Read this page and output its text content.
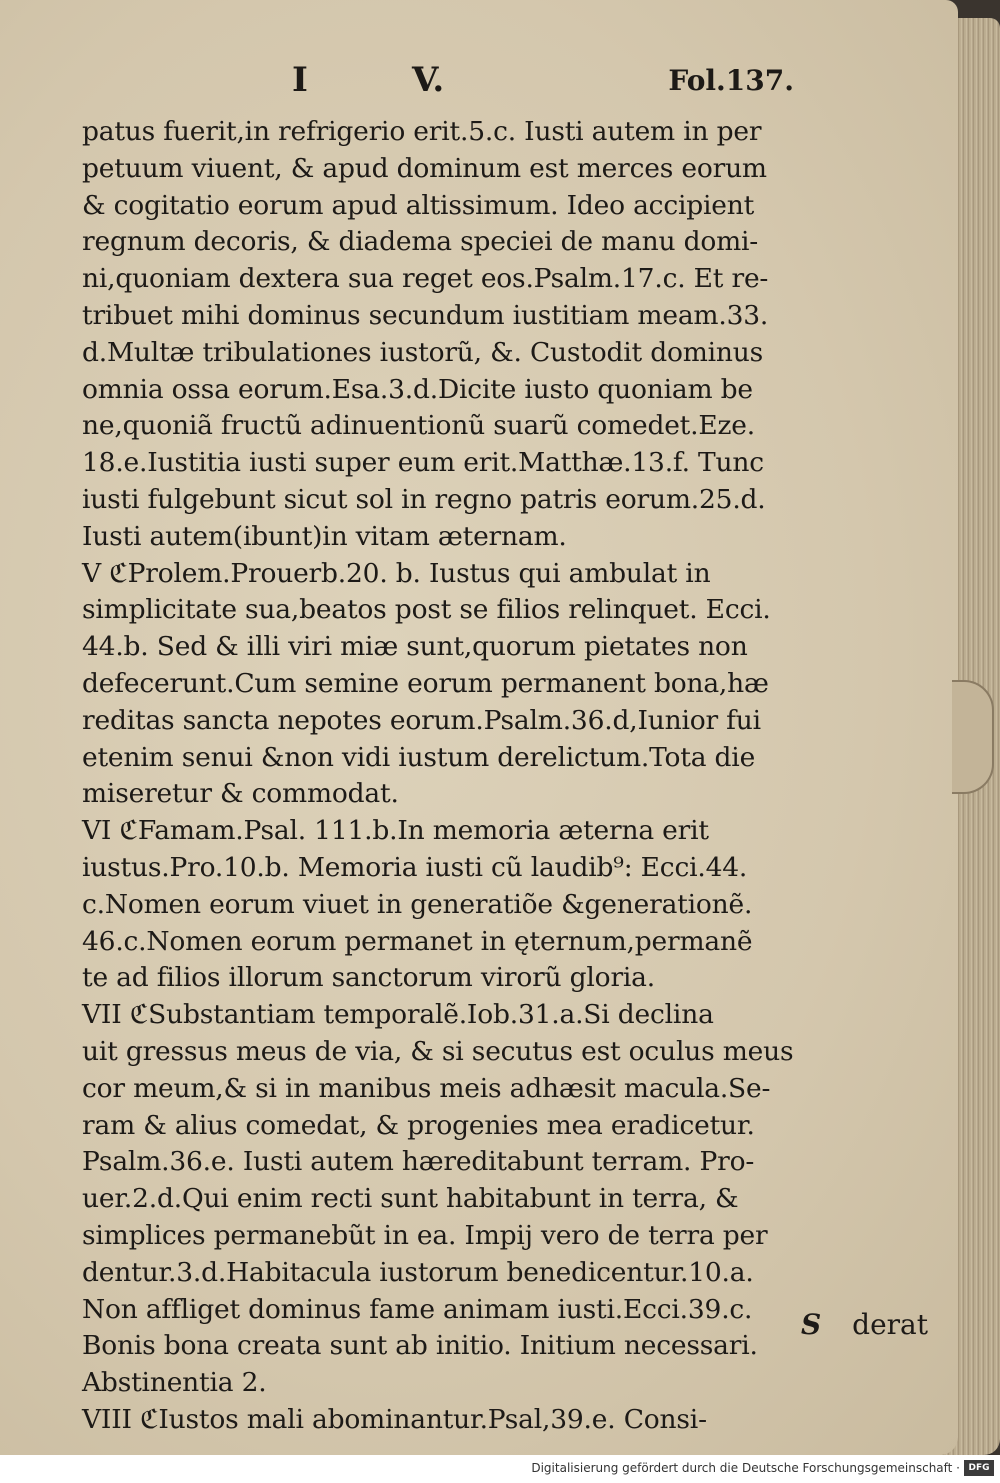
I	V.	Fol.137.
patus fuerit,in refrigerio erit.5.c. Iusti autem in per
petuum viuent, & apud dominum est merces eorum
& cogitatio eorum apud altissimum. Ideo accipient
regnum decoris, & diadema speciei de manu domi-
ni,quoniam dextera sua reget eos.Psalm.17.c. Et re-
tribuet mihi dominus secundum iustitiam meam.33.
d.Multæ tribulationes iustorũ, &. Custodit dominus
omnia ossa eorum.Esa.3.d.Dicite iusto quoniam be
ne,quoniã fructũ adinuentionũ suarũ comedet.Eze.
18.e.Iustitia iusti super eum erit.Matthæ.13.f. Tunc
iusti fulgebunt sicut sol in regno patris eorum.25.d.
Iusti autem(ibunt)in vitam æternam.
V ℭProlem.Prouerb.20. b. Iustus qui ambulat in
simplicitate sua,beatos post se filios relinquet. Ecci.
44.b. Sed & illi viri miæ sunt,quorum pietates non
defecerunt.Cum semine eorum permanent bona,hæ
reditas sancta nepotes eorum.Psalm.36.d,Iunior fui
etenim senui &non vidi iustum derelictum.Tota die
miseretur & commodat.
VI ℭFamam.Psal. 111.b.In memoria æterna erit
iustus.Pro.10.b. Memoria iusti cũ laudib⁹: Ecci.44.
c.Nomen eorum viuet in generatiõe &generationẽ.
46.c.Nomen eorum permanet in ęternum,permanẽ
te ad filios illorum sanctorum virorũ gloria.
VII ℭSubstantiam temporalẽ.Iob.31.a.Si declina
uit gressus meus de via, & si secutus est oculus meus
cor meum,& si in manibus meis adhæsit macula.Se-
ram & alius comedat, & progenies mea eradicetur.
Psalm.36.e. Iusti autem hæreditabunt terram. Pro-
uer.2.d.Qui enim recti sunt habitabunt in terra, &
simplices permanebũt in ea. Impij vero de terra per
dentur.3.d.Habitacula iustorum benedicentur.10.a.
Non affliget dominus fame animam iusti.Ecci.39.c.
Bonis bona creata sunt ab initio. Initium necessari.
Abstinentia 2.
VIII ℭIustos mali abominantur.Psal,39.e. Consi-
S derat
Digitalisierung gefördert durch die Deutsche Forschungsgemeinschaft · DFG
